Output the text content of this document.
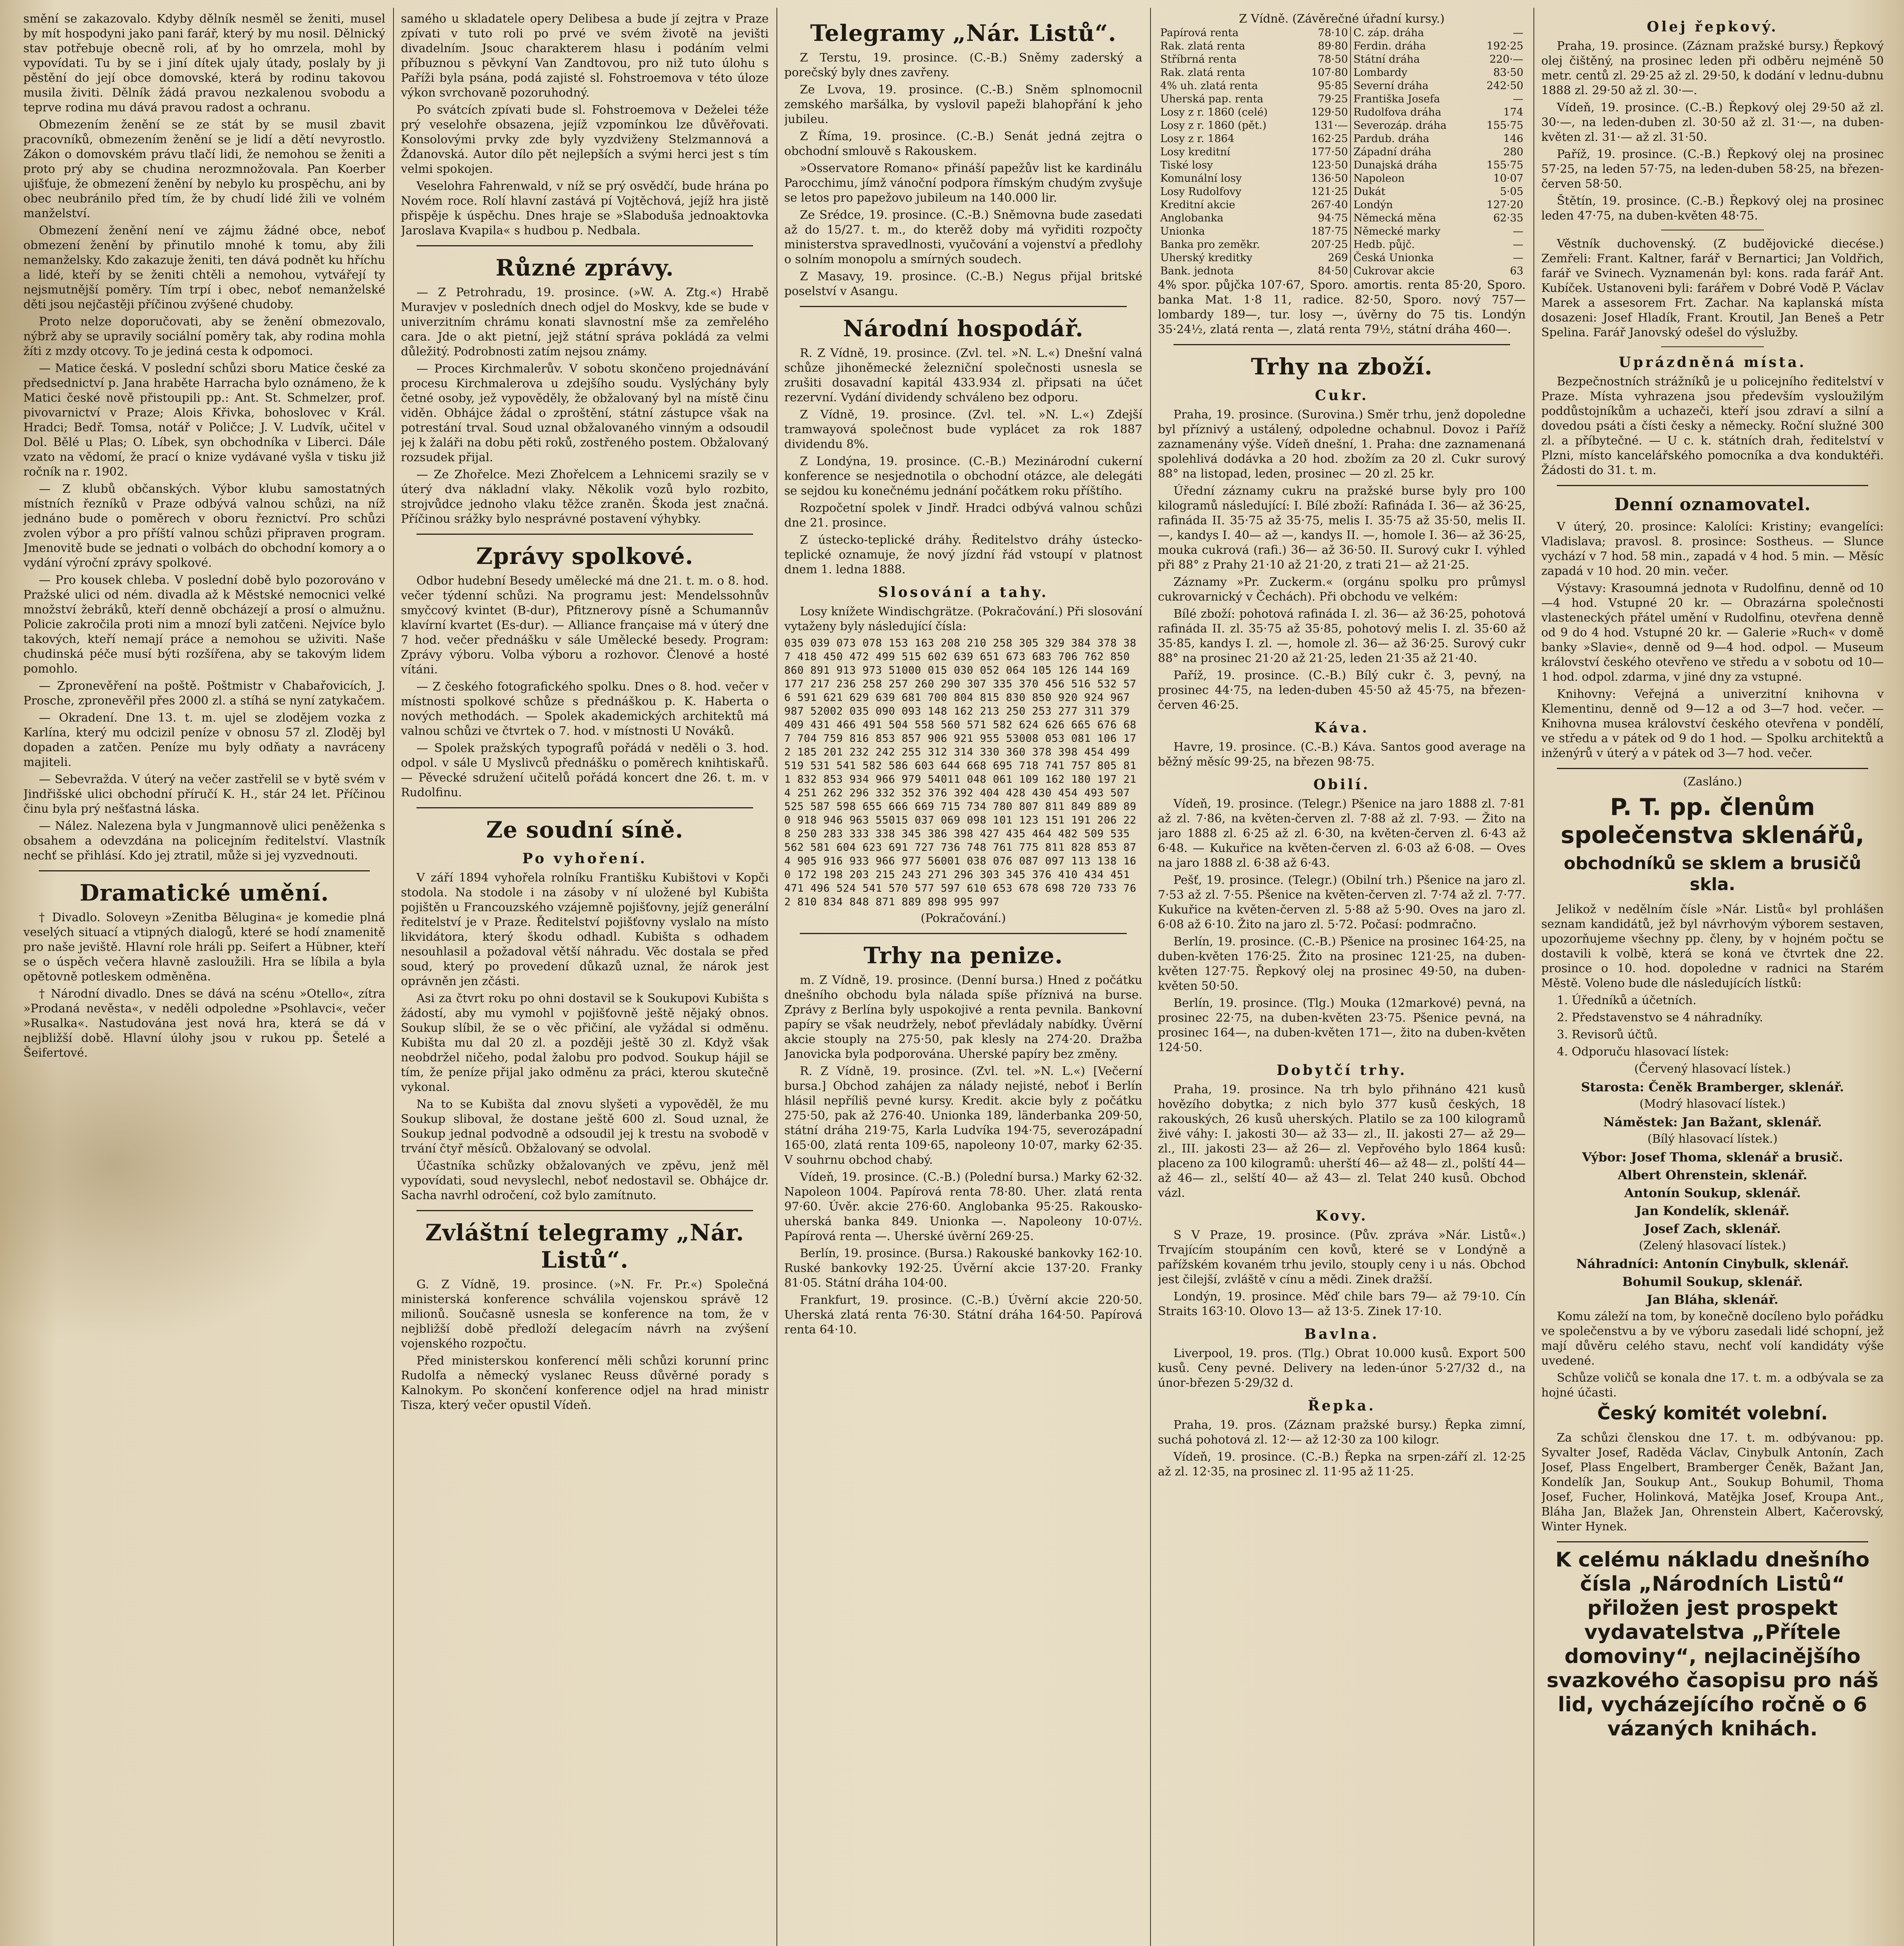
smění se zakazovalo. Kdyby dělník nesměl se ženiti, musel by mít hospodyni jako pani farář, který by mu nosil. Dělnický stav potřebuje obecně roli, ať by ho omrzela, mohl by vypovídati. Tu by se i jiní dítek ujaly útady, poslaly by ji pěstění do její obce domovské, která by rodinu takovou musila živiti. Dělník žádá pravou nezkalenou svobodu a teprve rodina mu dává pravou radost a ochranu.

Obmezením ženění se ze stát by se musil zbavit pracovníků, obmezením ženění se je lidí a dětí nevyrostlo. Zákon o domovském právu tlačí lidi, že nemohou se ženiti a proto prý aby se chudina nerozmnožovala. Pan Koerber ujišťuje, že obmezení ženění by nebylo ku prospěchu, ani by obec neubránilo před tím, že by chudí lidé žili ve volném manželství.

Obmezení ženění není ve zájmu žádné obce, neboť obmezení ženění by přinutilo mnohé k tomu, aby žili nemanželsky. Kdo zakazuje ženiti, ten dává podnět ku hříchu a lidé, kteří by se ženiti chtěli a nemohou, vytvářejí ty nejsmutnější poměry. Tím trpí i obec, neboť nemanželské děti jsou nejčastěji příčinou zvýšené chudoby.

Proto nelze doporučovati, aby se ženění obmezovalo, nýbrž aby se upravily sociální poměry tak, aby rodina mohla žíti z mzdy otcovy. To je jediná cesta k odpomoci.

— Matice česká. V poslední schůzi sboru Matice české za předsednictví p. Jana hraběte Harracha bylo oznámeno, že k Matici české nově přistoupili pp.: Ant. St. Schmelzer, prof. pivovarnictví v Praze; Alois Křivka, bohoslovec v Král. Hradci; Bedř. Tomsa, notář v Poličce; J. V. Ludvík, učitel v Dol. Bělé u Plas; O. Líbek, syn obchodníka v Liberci. Dále vzato na vědomí, že prací o knize vydávané vyšla v tisku již ročník na r. 1902.

— Z klubů občanských. Výbor klubu samostatných místních řezníků v Praze odbývá valnou schůzi, na níž jednáno bude o poměrech v oboru řeznictví. Pro schůzi zvolen výbor a pro příští valnou schůzi připraven program. Jmenovitě bude se jednati o volbách do obchodní komory a o vydání výroční zprávy spolkové.

— Pro kousek chleba. V poslední době bylo pozorováno v Pražské ulici od ném. divadla až k Městské nemocnici velké množství žebráků, kteří denně obcházejí a prosí o almužnu. Policie zakročila proti nim a mnozí byli zatčeni. Nejvíce bylo takových, kteří nemají práce a nemohou se uživiti. Naše chudinská péče musí býti rozšířena, aby se takovým lidem pomohlo.

— Zpronevěření na poště. Poštmistr v Chabařovicích, J. Prosche, zpronevěřil přes 2000 zl. a stíhá se nyní zatykačem.

— Okradení. Dne 13. t. m. ujel se zlodějem vozka z Karlína, který mu odcizil peníze v obnosu 57 zl. Zloděj byl dopaden a zatčen. Peníze mu byly odňaty a navráceny majiteli.

— Sebevražda. V úterý na večer zastřelil se v bytě svém v Jindřišské ulici obchodní příručí K. H., stár 24 let. Příčinou činu byla prý nešťastná láska.

— Nález. Nalezena byla v Jungmannově ulici peněženka s obsahem a odevzdána na policejním ředitelství. Vlastník nechť se přihlásí. Kdo jej ztratil, může si jej vyzvednouti.

Dramatické umění.

† Divadlo. Soloveyn »Zenitba Bělugina« je komedie plná veselých situací a vtipných dialogů, které se hodí znamenitě pro naše jeviště. Hlavní role hráli pp. Seifert a Hübner, kteří se o úspěch večera hlavně zasloužili. Hra se líbila a byla opětovně potleskem odměněna.

† Národní divadlo. Dnes se dává na scénu »Otello«, zítra »Prodaná nevěsta«, v neděli odpoledne »Psohlavci«, večer »Rusalka«. Nastudována jest nová hra, která se dá v nejbližší době. Hlavní úlohy jsou v rukou pp. Šetelé a Šeifertové.

samého u skladatele opery Delibesa a bude jí zejtra v Praze zpívati v tuto roli po prvé ve svém životě na jevišti divadelním. Jsouc charakterem hlasu i podáním velmi příbuznou s pěvkyní Van Zandtovou, pro niž tuto úlohu s Paříži byla psána, podá zajisté sl. Fohstroemova v této úloze výkon svrchovaně pozoruhodný.

Po svátcích zpívati bude sl. Fohstroemova v Deželei téže prý veselohře obsazena, jejíž vzpomínkou lze důvěřovati. Konsolovými prvky zde byly vyzdviženy Stelzmannová a Ždanovská. Autor dílo pět nejlepších a svými herci jest s tím velmi spokojen.

Veselohra Fahrenwald, v níž se prý osvědčí, bude hrána po Novém roce. Rolí hlavní zastává pí Vojtěchová, jejíž hra jistě přispěje k úspěchu. Dnes hraje se »Slaboduša jednoaktovka Jaroslava Kvapila« s hudbou p. Nedbala.

Různé zprávy.

— Z Petrohradu, 19. prosince. (»W. A. Ztg.«) Hrabě Muravjev v posledních dnech odjel do Moskvy, kde se bude v univerzitním chrámu konati slavnostní mše za zemřelého cara. Jde o akt pietní, jejž státní správa pokládá za velmi důležitý. Podrobnosti zatím nejsou známy.

— Proces Kirchmalerův. V sobotu skončeno projednávání procesu Kirchmalerova u zdejšího soudu. Vyslýchány byly četné osoby, jež vypověděly, že obžalovaný byl na místě činu viděn. Obhájce žádal o zproštění, státní zástupce však na potrestání trval. Soud uznal obžalovaného vinným a odsoudil jej k žaláři na dobu pěti roků, zostřeného postem. Obžalovaný rozsudek přijal.

— Ze Zhořelce. Mezi Zhořelcem a Lehnicemi srazily se v úterý dva nákladní vlaky. Několik vozů bylo rozbito, strojvůdce jednoho vlaku těžce zraněn. Škoda jest značná. Příčinou srážky bylo nesprávné postavení výhybky.

Zprávy spolkové.

Odbor hudební Besedy umělecké má dne 21. t. m. o 8. hod. večer týdenní schůzi. Na programu jest: Mendelssohnův smyčcový kvintet (B-dur), Pfitznerovy písně a Schumannův klavírní kvartet (Es-dur). — Alliance française má v úterý dne 7 hod. večer přednášku v sále Umělecké besedy. Program: Zprávy výboru. Volba výboru a rozhovor. Členové a hosté vítáni.

— Z českého fotografického spolku. Dnes o 8. hod. večer v místnosti spolkové schůze s přednáškou p. K. Haberta o nových methodách. — Spolek akademických architektů má valnou schůzi ve čtvrtek o 7. hod. v místnosti U Nováků.

— Spolek pražských typografů pořádá v neděli o 3. hod. odpol. v sále U Myslivců přednášku o poměrech knihtiskařů. — Pěvecké sdružení učitelů pořádá koncert dne 26. t. m. v Rudolfinu.

Ze soudní síně.
Po vyhoření.

V září 1894 vyhořela rolníku Františku Kubištovi v Kopči stodola. Na stodole i na zásoby v ní uložené byl Kubišta pojištěn u Francouzského vzájemně pojišťovny, jejíž generální ředitelství je v Praze. Ředitelství pojišťovny vyslalo na místo likvidátora, který škodu odhadl. Kubišta s odhadem nesouhlasil a požadoval větší náhradu. Věc dostala se před soud, který po provedení důkazů uznal, že nárok jest oprávněn jen zčásti.

Asi za čtvrt roku po ohni dostavil se k Soukupovi Kubišta s žádostí, aby mu vymohl v pojišťovně ještě nějaký obnos. Soukup slíbil, že se o věc přičiní, ale vyžádal si odměnu. Kubišta mu dal 20 zl. a později ještě 30 zl. Když však neobdržel ničeho, podal žalobu pro podvod. Soukup hájil se tím, že peníze přijal jako odměnu za práci, kterou skutečně vykonal.

Na to se Kubišta dal znovu slyšeti a vypověděl, že mu Soukup sliboval, že dostane ještě 600 zl. Soud uznal, že Soukup jednal podvodně a odsoudil jej k trestu na svobodě v trvání čtyř měsíců. Obžalovaný se odvolal.

Účastníka schůzky obžalovaných ve zpěvu, jenž měl vypovídati, soud nevyslechl, neboť nedostavil se. Obhájce dr. Sacha navrhl odročení, což bylo zamítnuto.

Zvláštní telegramy „Nár. Listů“.

G. Z Vídně, 19. prosince. (»N. Fr. Pr.«) Společná ministerská konference schválila vojenskou správě 12 milionů. Současně usnesla se konference na tom, že v nejbližší době předloží delegacím návrh na zvýšení vojenského rozpočtu.

Před ministerskou konferencí měli schůzi korunní princ Rudolfa a německý vyslanec Reuss důvěrné porady s Kalnokym. Po skončení konference odjel na hrad ministr Tisza, který večer opustil Vídeň.

Telegramy „Nár. Listů“.

Z Terstu, 19. prosince. (C.-B.) Sněmy zaderský a porečský byly dnes zavřeny.

Ze Lvova, 19. prosince. (C.-B.) Sněm splnomocnil zemského maršálka, by vyslovil papeži blahopřání k jeho jubileu.

Z Říma, 19. prosince. (C.-B.) Senát jedná zejtra o obchodní smlouvě s Rakouskem.

»Osservatore Romano« přináší papežův list ke kardinálu Parocchimu, jímž vánoční podpora římským chudým zvyšuje se letos pro papežovo jubileum na 140.000 lir.

Ze Srédce, 19. prosince. (C.-B.) Sněmovna bude zasedati až do 15/27. t. m., do kterěž doby má vyřiditi rozpočty ministerstva spravedlnosti, vyučování a vojenství a předlohy o solním monopolu a smírných soudech.

Z Masavy, 19. prosince. (C.-B.) Negus přijal britské poselství v Asangu.

Národní hospodář.

R. Z Vídně, 19. prosince. (Zvl. tel. »N. L.«) Dnešní valná schůze jihoněmecké železniční společnosti usnesla se zrušiti dosavadní kapitál 433.934 zl. připsati na účet rezervní. Vydání dividendy schváleno bez odporu.

Z Vídně, 19. prosince. (Zvl. tel. »N. L.«) Zdejší tramwayová společnost bude vyplácet za rok 1887 dividendu 8%.

Z Londýna, 19. prosince. (C.-B.) Mezinárodní cukerní konference se nesjednotila o obchodní otázce, ale delegáti se sejdou ku konečnému jednání počátkem roku příštího.

Rozpočetní spolek v Jindř. Hradci odbývá valnou schůzi dne 21. prosince.

Z ústecko-teplické dráhy. Ředitelstvo dráhy ústecko-teplické oznamuje, že nový jízdní řád vstoupí v platnost dnem 1. ledna 1888.

Slosování a tahy.

Losy knížete Windischgrätze. (Pokračování.) Při slosování vytaženy byly následující čísla:

035 039 073 078 153 163 208 210 258 305 329 384 378 387 418 450 472 499 515 602 639 651 673 683 706 762 850 860 891 913 973 51000 015 030 052 064 105 126 144 169 177 217 236 258 257 260 290 307 335 370 456 516 532 576 591 621 629 639 681 700 804 815 830 850 920 924 967 987 52002 035 090 093 148 162 213 250 253 277 311 379 409 431 466 491 504 558 560 571 582 624 626 665 676 687 704 759 816 853 857 906 921 955 53008 053 081 106 172 185 201 232 242 255 312 314 330 360 378 398 454 499 519 531 541 582 586 603 644 668 695 718 741 757 805 811 832 853 934 966 979 54011 048 061 109 162 180 197 214 251 262 296 332 352 376 392 404 428 430 454 493 507 525 587 598 655 666 669 715 734 780 807 811 849 889 890 918 946 963 55015 037 069 098 101 123 151 191 206 228 250 283 333 338 345 386 398 427 435 464 482 509 535 562 581 604 623 691 727 736 748 761 775 811 828 853 874 905 916 933 966 977 56001 038 076 087 097 113 138 160 172 198 203 215 243 271 296 303 345 376 410 434 451 471 496 524 541 570 577 597 610 653 678 698 720 733 762 810 834 848 871 889 898 995 997

(Pokračování.)

Trhy na penize.

m. Z Vídně, 19. prosince. (Denní bursa.) Hned z počátku dnešního obchodu byla nálada spíše příznivá na burse. Zprávy z Berlína byly uspokojivé a renta pevnila. Bankovní papíry se však neudržely, neboť převládaly nabídky. Úvěrní akcie stouply na 275·50, pak klesly na 274·20. Dražba Janovicka byla podporována. Uherské papíry bez změny.

R. Z Vídně, 19. prosince. (Zvl. tel. »N. L.«) [Večerní bursa.] Obchod zahájen za nálady nejisté, neboť i Berlín hlásil nepříliš pevné kursy. Kredit. akcie byly z počátku 275·50, pak až 276·40. Unionka 189, länderbanka 209·50, státní dráha 219·75, Karla Ludvíka 194·75, severozápadní 165·00, zlatá renta 109·65, napoleony 10·07, marky 62·35. V souhrnu obchod chabý.

Vídeň, 19. prosince. (C.-B.) (Polední bursa.) Marky 62·32. Napoleon 1004. Papírová renta 78·80. Uher. zlatá renta 97·60. Úvěr. akcie 276·60. Anglobanka 95·25. Rakousko-uherská banka 849. Unionka —. Napoleony 10·07½. Papírová renta —. Uherské úvěrní 269·25.

Berlín, 19. prosince. (Bursa.) Rakouské bankovky 162·10. Ruské bankovky 192·25. Úvěrní akcie 137·20. Franky 81·05. Státní dráha 104·00.

Frankfurt, 19. prosince. (C.-B.) Úvěrní akcie 220·50. Uherská zlatá renta 76·30. Státní dráha 164·50. Papírová renta 64·10.

Z Vídně. (Závěrečné úřadní kursy.)
Papírová renta	78·10	C. záp. dráha	—
Rak. zlatá renta	89·80	Ferdin. dráha	192·25
Stříbrná renta	78·50	Státní dráha	220·—
Rak. zlatá renta	107·80	Lombardy	83·50
4% uh. zlatá renta	95·85	Severní dráha	242·50
Uherská pap. renta	79·25	Františka Josefa	—
Losy z r. 1860 (celé)	129·50	Rudolfova dráha	174
Losy z r. 1860 (pět.)	131·—	Severozáp. dráha	155·75
Losy z r. 1864	162·25	Pardub. dráha	146
Losy kreditní	177·50	Západní dráha	280
Tiské losy	123·50	Dunajská dráha	155·75
Komunální losy	136·50	Napoleon	10·07
Losy Rudolfovy	121·25	Dukát	5·05
Kreditní akcie	267·40	Londýn	127·20
Anglobanka	94·75	Německá měna	62·35
Unionka	187·75	Německé marky	—
Banka pro zeměkr.	207·25	Hedb. půjč.	—
Uherský kreditky	269	Česká Unionka	—
Bank. jednota	84·50	Cukrovar akcie	63

4% spor. půjčka 107·67, Sporo. amortis. renta 85·20, Sporo. banka Mat. 1·8 11, radice. 82·50, Sporo. nový 757— lombardy 189—, tur. losy —, úvěrny do 75 tis. Londýn 35·24½, zlatá renta —, zlatá renta 79½, státní dráha 460—.

Trhy na zboží.
Cukr.

Praha, 19. prosince. (Surovina.) Směr trhu, jenž dopoledne byl příznivý a ustálený, odpoledne ochabnul. Dovoz i Paříž zaznamenány výše. Vídeň dnešní, 1. Praha: dne zaznamenaná spolehlivá dodávka a 20 hod. zbožím za 20 zl. Cukr surový 88° na listopad, leden, prosinec — 20 zl. 25 kr.

Úřední záznamy cukru na pražské burse byly pro 100 kilogramů následující: I. Bílé zboží: Rafináda I. 36— až 36·25, rafináda II. 35·75 až 35·75, melis I. 35·75 až 35·50, melis II. —, kandys I. 40— až —, kandys II. —, homole I. 36— až 36·25, mouka cukrová (rafi.) 36— až 36·50. II. Surový cukr I. výhled při 88° z Prahy 21·10 až 21·20, z trati 21— až 21·25.

Záznamy »Pr. Zuckerm.« (orgánu spolku pro průmysl cukrovarnický v Čechách). Při obchodu ve velkém:

Bílé zboží: pohotová rafináda I. zl. 36— až 36·25, pohotová rafináda II. zl. 35·75 až 35·85, pohotový melis I. zl. 35·60 až 35·85, kandys I. zl. —, homole zl. 36— až 36·25. Surový cukr 88° na prosinec 21·20 až 21·25, leden 21·35 až 21·40.

Paříž, 19. prosince. (C.-B.) Bílý cukr č. 3, pevný, na prosinec 44·75, na leden-duben 45·50 až 45·75, na březen-červen 46·25.

Káva.

Havre, 19. prosince. (C.-B.) Káva. Santos good average na běžný měsíc 99·25, na březen 98·75.

Obilí.

Vídeň, 19. prosince. (Telegr.) Pšenice na jaro 1888 zl. 7·81 až zl. 7·86, na květen-červen zl. 7·88 až zl. 7·93. — Žito na jaro 1888 zl. 6·25 až zl. 6·30, na květen-červen zl. 6·43 až 6·48. — Kukuřice na květen-červen zl. 6·03 až 6·08. — Oves na jaro 1888 zl. 6·38 až 6·43.

Pešť, 19. prosince. (Telegr.) (Obilní trh.) Pšenice na jaro zl. 7·53 až zl. 7·55. Pšenice na květen-červen zl. 7·74 až zl. 7·77. Kukuřice na květen-červen zl. 5·88 až 5·90. Oves na jaro zl. 6·08 až 6·10. Žito na jaro zl. 5·72. Počasí: podmračno.

Berlín, 19. prosince. (C.-B.) Pšenice na prosinec 164·25, na duben-květen 176·25. Žito na prosinec 121·25, na duben-květen 127·75. Řepkový olej na prosinec 49·50, na duben-květen 50·50.

Berlín, 19. prosince. (Tlg.) Mouka (12markové) pevná, na prosinec 22·75, na duben-květen 23·75. Pšenice pevná, na prosinec 164—, na duben-květen 171—, žito na duben-květen 124·50.

Dobytčí trhy.

Praha, 19. prosince. Na trh bylo přihnáno 421 kusů hovězího dobytka; z nich bylo 377 kusů českých, 18 rakouských, 26 kusů uherských. Platilo se za 100 kilogramů živé váhy: I. jakosti 30— až 33— zl., II. jakosti 27— až 29— zl., III. jakosti 23— až 26— zl. Vepřového bylo 1864 kusů: placeno za 100 kilogramů: uherští 46— až 48— zl., polští 44— až 46— zl., selští 40— až 43— zl. Telat 240 kusů. Obchod vázl.

Kovy.

S V Praze, 19. prosince. (Pův. zpráva »Nár. Listů«.) Trvajícím stoupáním cen kovů, které se v Londýně a pařížském kovaném trhu jevilo, stouply ceny i u nás. Obchod jest čilejší, zvláště v cínu a mědi. Zinek dražší.

Londýn, 19. prosince. Měď chile bars 79— až 79·10. Cín Straits 163·10. Olovo 13— až 13·5. Zinek 17·10.

Bavlna.

Liverpool, 19. pros. (Tlg.) Obrat 10.000 kusů. Export 500 kusů. Ceny pevné. Delivery na leden-únor 5·27/32 d., na únor-březen 5·29/32 d.

Řepka.

Praha, 19. pros. (Záznam pražské bursy.) Řepka zimní, suchá pohotová zl. 12·— až 12·30 za 100 kilogr.

Vídeň, 19. prosince. (C.-B.) Řepka na srpen-září zl. 12·25 až zl. 12·35, na prosinec zl. 11·95 až 11·25.

Olej řepkový.

Praha, 19. prosince. (Záznam pražské bursy.) Řepkový olej čištěný, na prosinec leden při odběru nejméně 50 metr. centů zl. 29·25 až zl. 29·50, k dodání v lednu-dubnu 1888 zl. 29·50 až zl. 30·—.

Vídeň, 19. prosince. (C.-B.) Řepkový olej 29·50 až zl. 30·—, na leden-duben zl. 30·50 až zl. 31·—, na duben-květen zl. 31·— až zl. 31·50.

Paříž, 19. prosince. (C.-B.) Řepkový olej na prosinec 57·25, na leden 57·75, na leden-duben 58·25, na březen-červen 58·50.

Štětín, 19. prosince. (C.-B.) Řepkový olej na prosinec leden 47·75, na duben-květen 48·75.

Věstník duchovenský. (Z budějovické diecése.) Zemřeli: Frant. Kaltner, farář v Bernartici; Jan Voldřich, farář ve Svinech. Vyznamenán byl: kons. rada farář Ant. Kubíček. Ustanoveni byli: farářem v Dobré Vodě P. Václav Marek a assesorem Frt. Zachar. Na kaplanská místa dosazeni: Josef Hladík, Frant. Kroutil, Jan Beneš a Petr Spelina. Farář Janovský odešel do výslužby.

Uprázdněná místa.

Bezpečnostních strážníků je u policejního ředitelství v Praze. Místa vyhrazena jsou především vysloužilým poddůstojníkům a uchazeči, kteří jsou zdraví a silní a dovedou psáti a čísti česky a německy. Roční služné 300 zl. a příbytečné. — U c. k. státních drah, ředitelství v Plzni, místo kancelářského pomocníka a dva konduktéři. Žádosti do 31. t. m.

Denní oznamovatel.

V úterý, 20. prosince: Kalolíci: Kristiny; evangelíci: Vladislava; pravosl. 8. prosince: Sostheus. — Slunce vychází v 7 hod. 58 min., zapadá v 4 hod. 5 min. — Měsíc zapadá v 10 hod. 20 min. večer.

Výstavy: Krasoumná jednota v Rudolfinu, denně od 10—4 hod. Vstupné 20 kr. — Obrazárna společnosti vlasteneckých přátel umění v Rudolfinu, otevřena denně od 9 do 4 hod. Vstupné 20 kr. — Galerie »Ruch« v domě banky »Slavie«, denně od 9—4 hod. odpol. — Museum království českého otevřeno ve středu a v sobotu od 10—1 hod. odpol. zdarma, v jiné dny za vstupné.

Knihovny: Veřejná a univerzitní knihovna v Klementinu, denně od 9—12 a od 3—7 hod. večer. — Knihovna musea království českého otevřena v pondělí, ve středu a v pátek od 9 do 1 hod. — Spolku architektů a inženýrů v úterý a v pátek od 3—7 hod. večer.

(Zasláno.)

P. T. pp. členům společenstva sklenářů,
obchodníků se sklem a brusičů skla.

Jelikož v nedělním čísle »Nár. Listů« byl prohlášen seznam kandidátů, jež byl návrhovým výborem sestaven, upozorňujeme všechny pp. členy, by v hojném počtu se dostavili k volbě, která se koná ve čtvrtek dne 22. prosince o 10. hod. dopoledne v radnici na Starém Městě. Voleno bude dle následujících lístků:

1. Úředníků a účetních.

2. Představenstvo se 4 náhradníky.

3. Revisorů účtů.

4. Odporuču hlasovací lístek:

(Červený hlasovací lístek.)

Starosta: Čeněk Bramberger, sklenář.

(Modrý hlasovací lístek.)

Náměstek: Jan Bažant, sklenář.

(Bílý hlasovací lístek.)

Výbor: Josef Thoma, sklenář a brusič.
Albert Ohrenstein, sklenář.
Antonín Soukup, sklenář.
Jan Kondelík, sklenář.
Josef Zach, sklenář.

(Zelený hlasovací lístek.)

Náhradníci: Antonín Cinybulk, sklenář.
Bohumil Soukup, sklenář.
Jan Bláha, sklenář.

Komu záleží na tom, by konečně docíleno bylo pořádku ve společenstvu a by ve výboru zasedali lidé schopní, jež mají důvěru celého stavu, nechť volí kandidáty výše uvedené.

Schůze voličů se konala dne 17. t. m. a odbývala se za hojné účasti.

Český komitét volební.

Za schůzi členskou dne 17. t. m. odbývanou: pp. Syvalter Josef, Raděda Václav, Cinybulk Antonín, Zach Josef, Plass Engelbert, Bramberger Čeněk, Bažant Jan, Kondelík Jan, Soukup Ant., Soukup Bohumil, Thoma Josef, Fucher, Holinková, Matějka Josef, Kroupa Ant., Bláha Jan, Blažek Jan, Ohrenstein Albert, Kačerovský, Winter Hynek.

K celému nákladu dnešního čísla „Národních Listů“ přiložen jest prospekt vydavatelstva „Přítele domoviny“, nejlacinějšího svazkového časopisu pro náš lid, vycházejícího ročně o 6 vázaných knihách.
